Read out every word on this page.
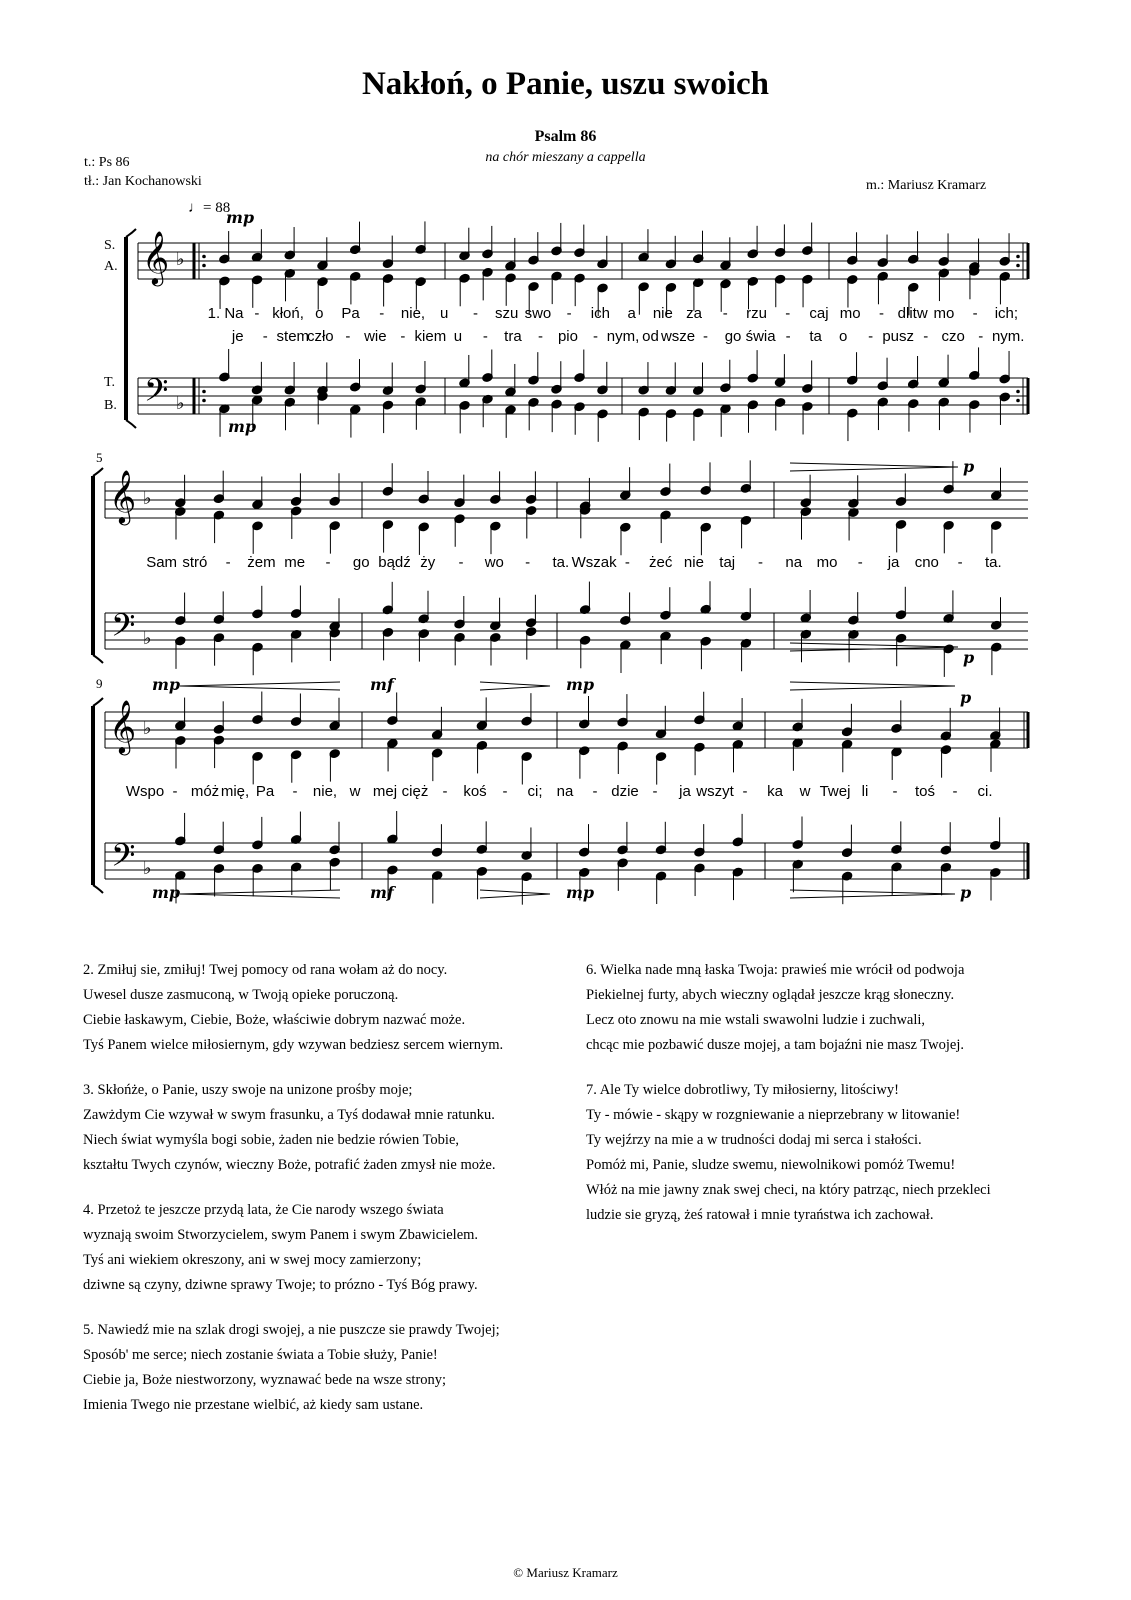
Nakłoń, o Panie, uszu swoich
Psalm 86
na chór mieszany a cappella
t.: Ps 86
tł.: Jan Kochanowski	m.: Mariusz Kramarz
♩= 88
S.
A.
T.
B.
𝄞
𝄢
♭
♭
mp
mp
1. Na - kłoń, o Pa - nie, u - szu swo - ich a nie za - rzu - caj mo - dlitw mo - ich;
je - stem
czło - wie - kiem u - tra - pio - nym, od wsze - go świa - ta o - pusz - czo - nym.
5
𝄞
𝄢
♭
♭
p
p
Sam stró - żem me - go bądź ży - wo - ta. Wszak - żeć nie taj - na mo - ja cno - ta.
9
𝄞
𝄢
♭
♭
mp	mf	mp
p
mp	mf	mp	p
Wspo - móż mię, Pa - nie, w mej cięż - koś - ci; na - dzie - ja wszyt - ka w Twej li - toś - ci.

2. Zmiłuj sie, zmiłuj! Twej pomocy od rana wołam aż do nocy.
Uwesel dusze zasmuconą, w Twoją opieke poruczoną.
Ciebie łaskawym, Ciebie, Boże, właściwie dobrym nazwać może.
Tyś Panem wielce miłosiernym, gdy wzywan bedziesz sercem wiernym.

3. Skłońże, o Panie, uszy swoje na unizone prośby moje;
Zawżdym Cie wzywał w swym frasunku, a Tyś dodawał mnie ratunku.
Niech świat wymyśla bogi sobie, żaden nie bedzie rówien Tobie,
kształtu Twych czynów, wieczny Boże, potrafić żaden zmysł nie może.

4. Przetoż te jeszcze przydą lata, że Cie narody wszego świata
wyznają swoim Stworzycielem, swym Panem i swym Zbawicielem.
Tyś ani wiekiem okreszony, ani w swej mocy zamierzony;
dziwne są czyny, dziwne sprawy Twoje; to prózno - Tyś Bóg prawy.

5. Nawiedź mie na szlak drogi swojej, a nie puszcze sie prawdy Twojej;
Sposób' me serce; niech zostanie świata a Tobie służy, Panie!
Ciebie ja, Boże niestworzony, wyznawać bede na wsze strony;
Imienia Twego nie przestane wielbić, aż kiedy sam ustane.

6. Wielka nade mną łaska Twoja: prawieś mie wrócił od podwoja
Piekielnej furty, abych wieczny oglądał jeszcze krąg słoneczny.
Lecz oto znowu na mie wstali swawolni ludzie i zuchwali,
chcąc mie pozbawić dusze mojej, a tam bojaźni nie masz Twojej.

7. Ale Ty wielce dobrotliwy, Ty miłosierny, litościwy!
Ty - mówie - skąpy w rozgniewanie a nieprzebrany w litowanie!
Ty wejźrzy na mie a w trudności dodaj mi serca i stałości.
Pomóż mi, Panie, sludze swemu, niewolnikowi pomóż Twemu!
Włóż na mie jawny znak swej checi, na który patrząc, niech przekleci
ludzie sie gryzą, żeś ratował i mnie tyraństwa ich zachował.

© Mariusz Kramarz
